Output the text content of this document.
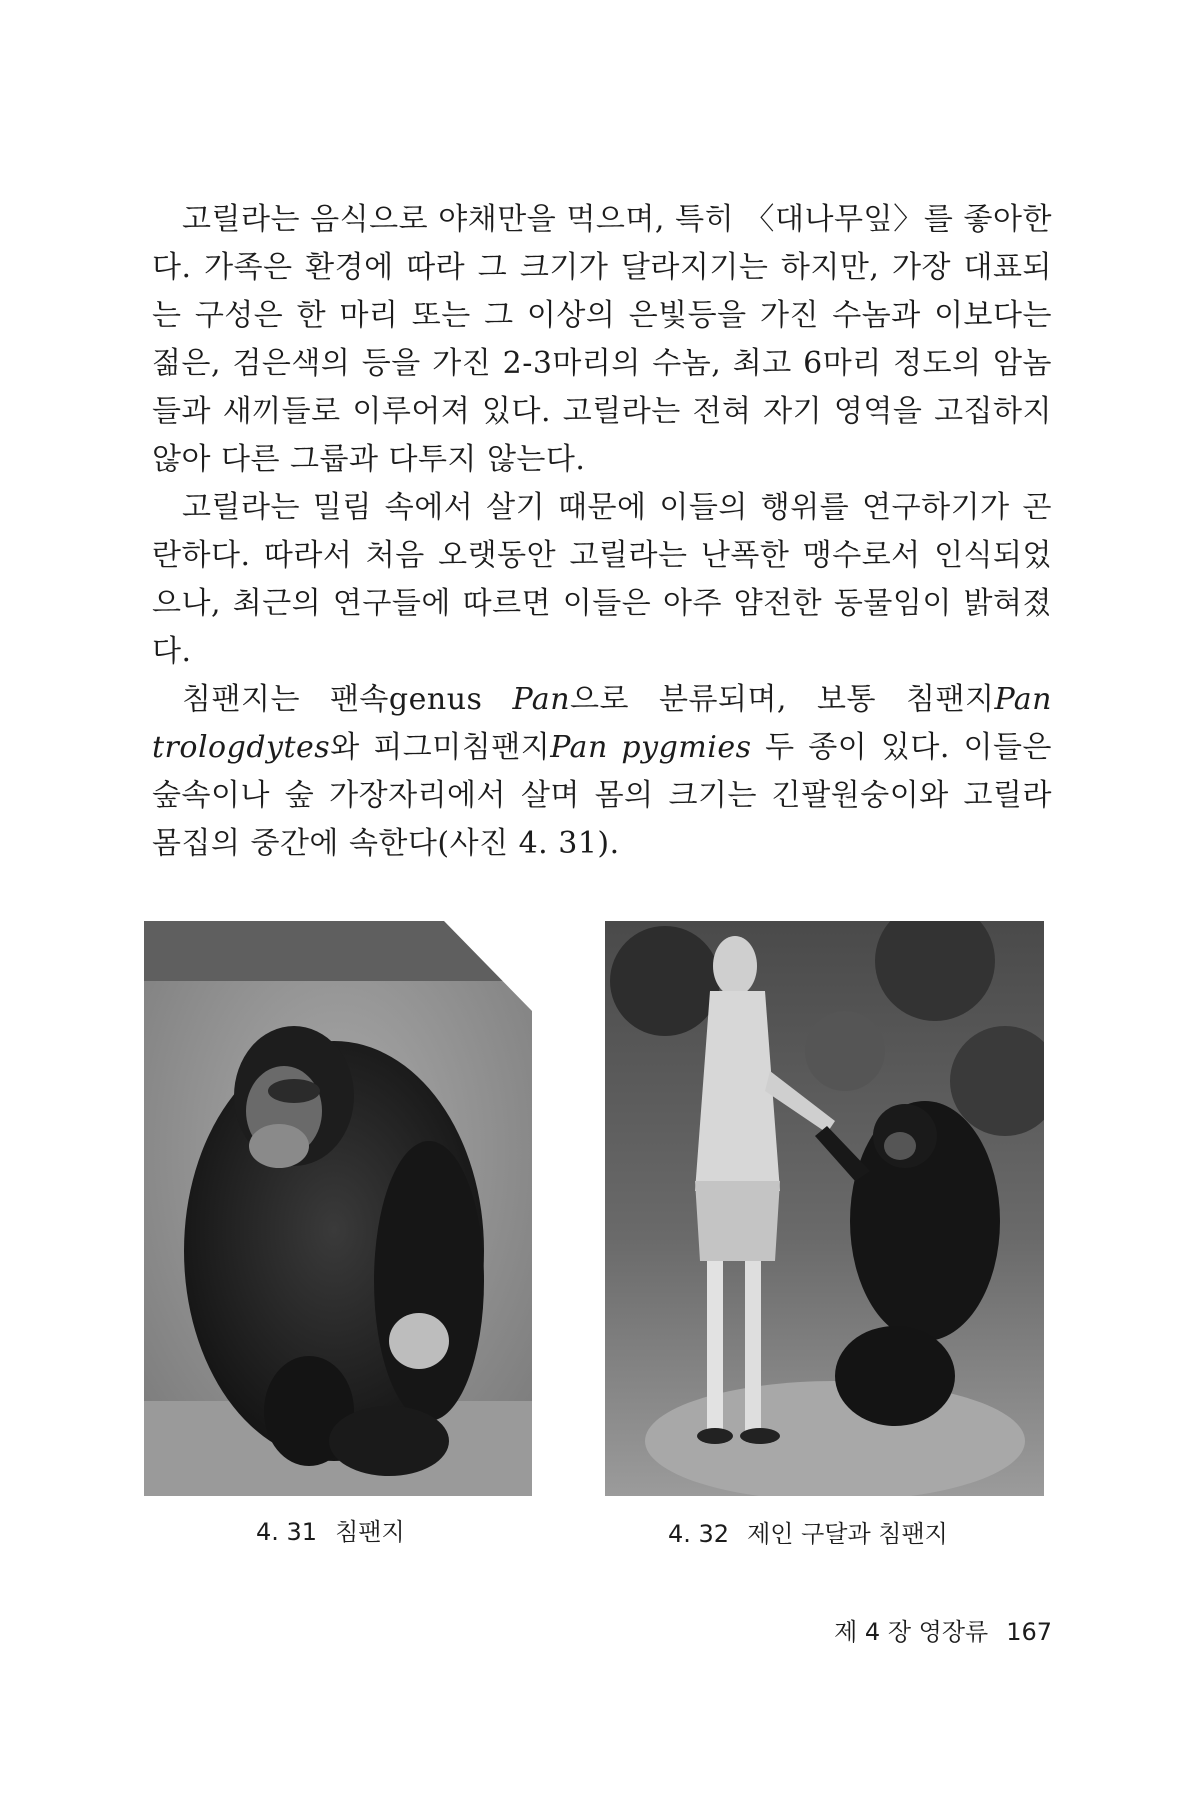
고릴라는 음식으로 야채만을 먹으며, 특히 〈대나무잎〉를 좋아한다. 가족은 환경에 따라 그 크기가 달라지기는 하지만, 가장 대표되는 구성은 한 마리 또는 그 이상의 은빛등을 가진 수놈과 이보다는 젊은, 검은색의 등을 가진 2-3마리의 수놈, 최고 6마리 정도의 암놈들과 새끼들로 이루어져 있다. 고릴라는 전혀 자기 영역을 고집하지 않아 다른 그룹과 다투지 않는다.

고릴라는 밀림 속에서 살기 때문에 이들의 행위를 연구하기가 곤란하다. 따라서 처음 오랫동안 고릴라는 난폭한 맹수로서 인식되었으나, 최근의 연구들에 따르면 이들은 아주 얌전한 동물임이 밝혀졌다.

침팬지는 팬속genus Pan으로 분류되며, 보통 침팬지Pan trologdytes와 피그미침팬지Pan pygmies 두 종이 있다. 이들은 숲속이나 숲 가장자리에서 살며 몸의 크기는 긴팔원숭이와 고릴라 몸집의 중간에 속한다(사진 4. 31).

4. 31 침팬지	4. 32 제인 구달과 침팬지
제 4 장 영장류 167
